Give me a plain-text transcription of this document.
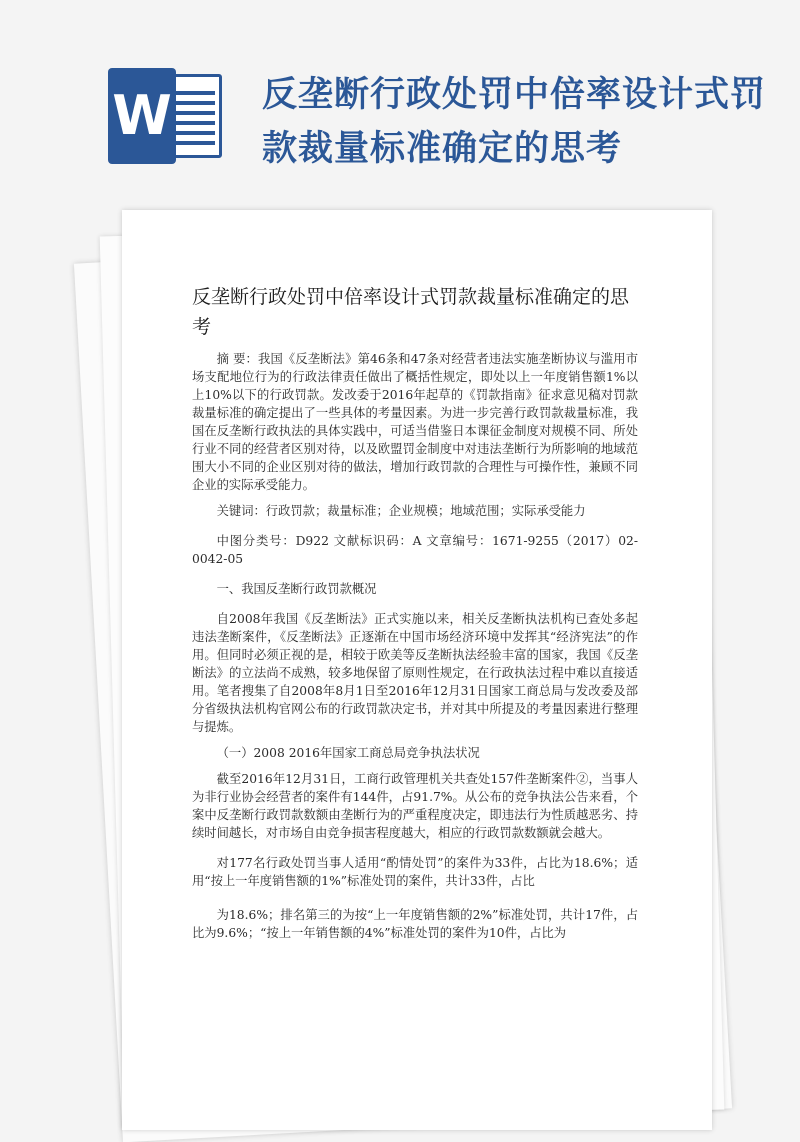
W	反垄断行政处罚中倍率设计式罚款裁量标准确定的思考
反垄断行政处罚中倍率设计式罚款裁量标准确定的思考

摘 要：我国《反垄断法》第46条和47条对经营者违法实施垄断协议与滥用市场支配地位行为的行政法律责任做出了概括性规定，即处以上一年度销售额1%以上10%以下的行政罚款。发改委于2016年起草的《罚款指南》征求意见稿对罚款裁量标准的确定提出了一些具体的考量因素。为进一步完善行政罚款裁量标准，我国在反垄断行政执法的具体实践中，可适当借鉴日本课征金制度对规模不同、所处行业不同的经营者区别对待，以及欧盟罚金制度中对违法垄断行为所影响的地域范围大小不同的企业区别对待的做法，增加行政罚款的合理性与可操作性，兼顾不同企业的实际承受能力。

关键词：行政罚款；裁量标准；企业规模；地域范围；实际承受能力

中图分类号：D922 文献标识码：A 文章编号：1671-9255（2017）02-0042-05

一、我国反垄断行政罚款概况

自2008年我国《反垄断法》正式实施以来，相关反垄断执法机构已查处多起违法垄断案件，《反垄断法》正逐渐在中国市场经济环境中发挥其“经济宪法”的作用。但同时必须正视的是，相较于欧美等反垄断执法经验丰富的国家，我国《反垄断法》的立法尚不成熟，较多地保留了原则性规定，在行政执法过程中难以直接适用。笔者搜集了自2008年8月1日至2016年12月31日国家工商总局与发改委及部分省级执法机构官网公布的行政罚款决定书，并对其中所提及的考量因素进行整理与提炼。

（一）2008 2016年国家工商总局竞争执法状况

截至2016年12月31日，工商行政管理机关共查处157件垄断案件②，当事人为非行业协会经营者的案件有144件，占91.7%。从公布的竞争执法公告来看，个案中反垄断行政罚款数额由垄断行为的严重程度决定，即违法行为性质越恶劣、持续时间越长，对市场自由竞争损害程度越大，相应的行政罚款数额就会越大。

对177名行政处罚当事人适用“酌情处罚”的案件为33件，占比为18.6%；适用“按上一年度销售额的1%”标准处罚的案件，共计33件，占比

为18.6%；排名第三的为按“上一年度销售额的2%”标准处罚，共计17件，占比为9.6%；“按上一年销售额的4%”标准处罚的案件为10件，占比为
